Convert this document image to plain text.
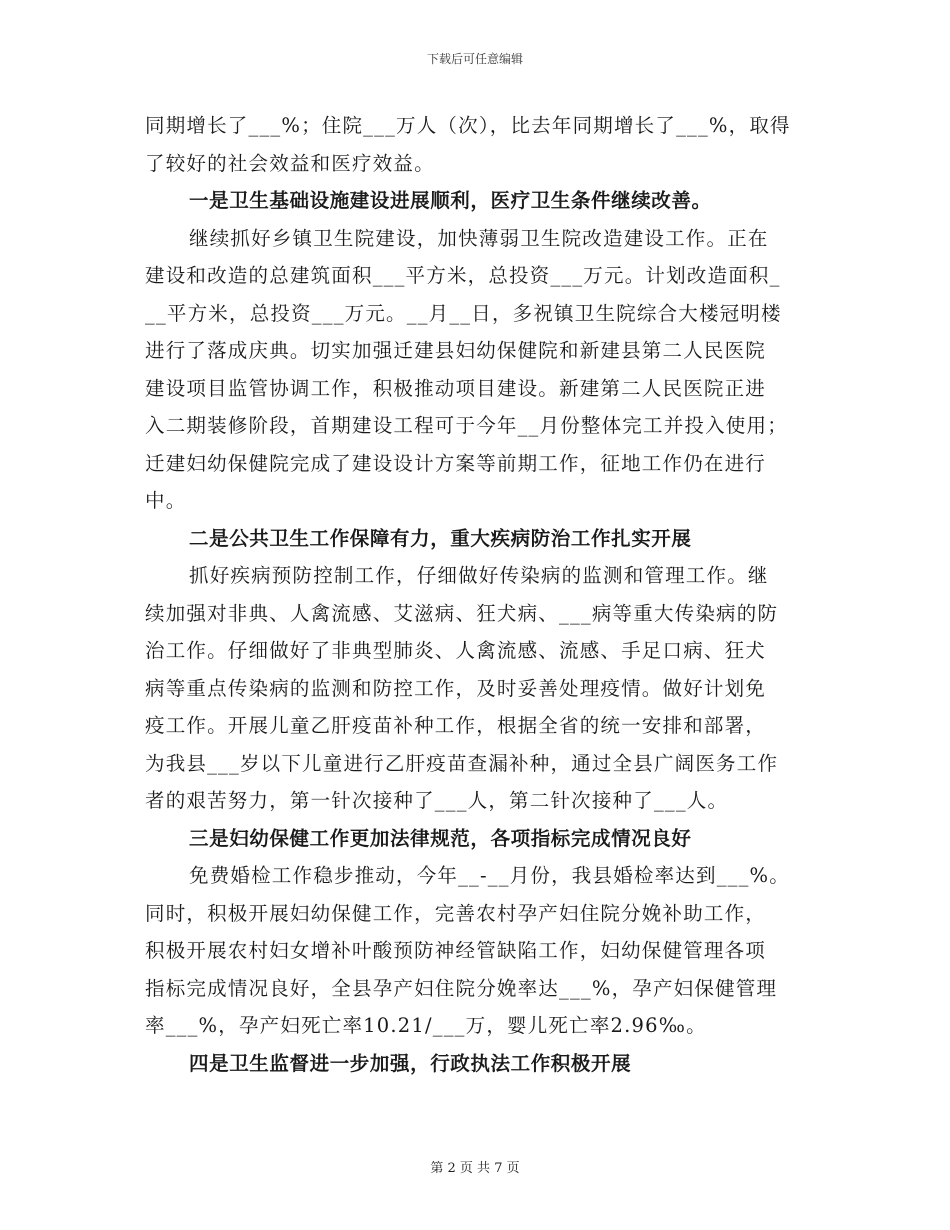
下载后可任意编辑
同期增长了___%；住院___万人（次），比去年同期增长了___%，取得
了较好的社会效益和医疗效益。
一是卫生基础设施建设进展顺利，医疗卫生条件继续改善。
继续抓好乡镇卫生院建设，加快薄弱卫生院改造建设工作。正在
建设和改造的总建筑面积___平方米，总投资___万元。计划改造面积_
__平方米，总投资___万元。__月__日，多祝镇卫生院综合大楼冠明楼
进行了落成庆典。切实加强迁建县妇幼保健院和新建县第二人民医院
建设项目监管协调工作，积极推动项目建设。新建第二人民医院正进
入二期装修阶段，首期建设工程可于今年__月份整体完工并投入使用；
迁建妇幼保健院完成了建设设计方案等前期工作，征地工作仍在进行
中。
二是公共卫生工作保障有力，重大疾病防治工作扎实开展
抓好疾病预防控制工作，仔细做好传染病的监测和管理工作。继
续加强对非典、人禽流感、艾滋病、狂犬病、___病等重大传染病的防
治工作。仔细做好了非典型肺炎、人禽流感、流感、手足口病、狂犬
病等重点传染病的监测和防控工作，及时妥善处理疫情。做好计划免
疫工作。开展儿童乙肝疫苗补种工作，根据全省的统一安排和部署，
为我县___岁以下儿童进行乙肝疫苗查漏补种，通过全县广阔医务工作
者的艰苦努力，第一针次接种了___人，第二针次接种了___人。
三是妇幼保健工作更加法律规范，各项指标完成情况良好
免费婚检工作稳步推动，今年__-__月份，我县婚检率达到___%。
同时，积极开展妇幼保健工作，完善农村孕产妇住院分娩补助工作，
积极开展农村妇女增补叶酸预防神经管缺陷工作，妇幼保健管理各项
指标完成情况良好，全县孕产妇住院分娩率达___%，孕产妇保健管理
率___%，孕产妇死亡率10.21/___万，婴儿死亡率2.96‰。
四是卫生监督进一步加强，行政执法工作积极开展
第 2 页 共 7 页
